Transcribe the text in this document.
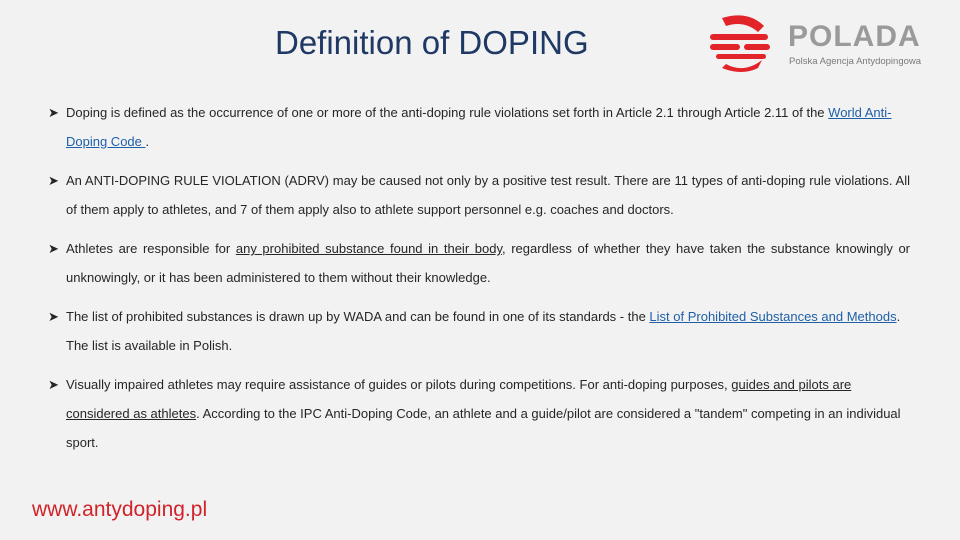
Definition of DOPING	POLADA
Polska Agencja Antydopingowa
➤ Doping is defined as the occurrence of one or more of the anti-doping rule violations set forth in Article 2.1 through Article 2.11 of the World Anti-Doping Code .
➤ An ANTI-DOPING RULE VIOLATION (ADRV) may be caused not only by a positive test result. There are 11 types of anti-doping rule violations. All of them apply to athletes, and 7 of them apply also to athlete support personnel e.g. coaches and doctors.
➤ Athletes are responsible for any prohibited substance found in their body, regardless of whether they have taken the substance knowingly or unknowingly, or it has been administered to them without their knowledge.
➤ The list of prohibited substances is drawn up by WADA and can be found in one of its standards - the List of Prohibited Substances and Methods. The list is available in Polish.
➤ Visually impaired athletes may require assistance of guides or pilots during competitions. For anti-doping purposes, guides and pilots are considered as athletes. According to the IPC Anti-Doping Code, an athlete and a guide/pilot are considered a "tandem" competing in an individual sport.
www.antydoping.pl
